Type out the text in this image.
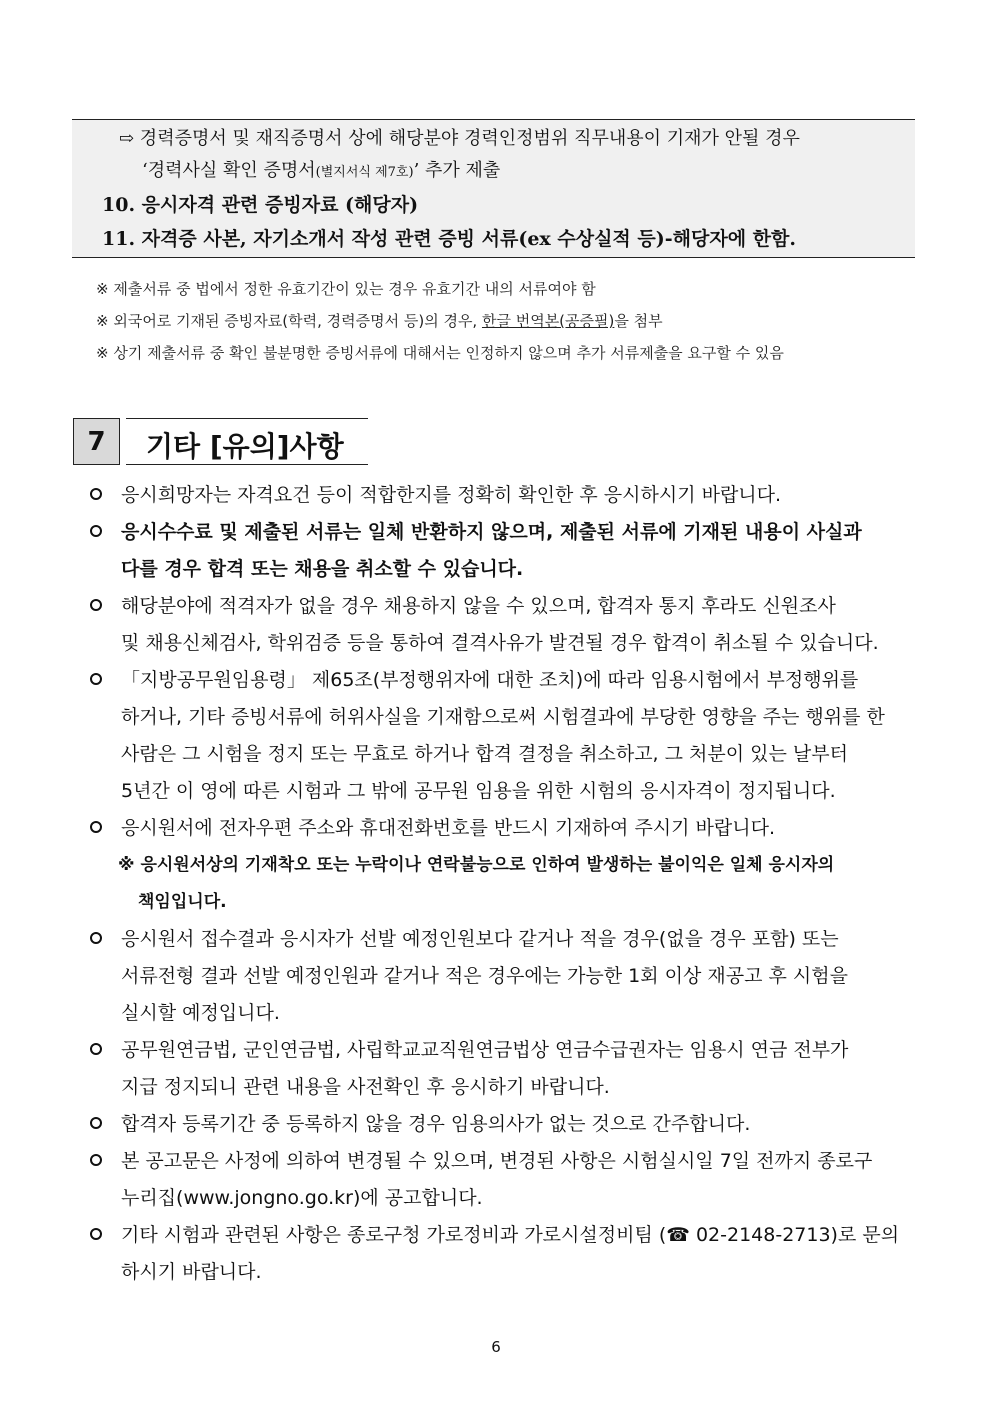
⇨ 경력증명서 및 재직증명서 상에 해당분야 경력인정범위 직무내용이 기재가 안될 경우
‘경력사실 확인 증명서(별지서식 제7호)’ 추가 제출
10. 응시자격 관련 증빙자료 (해당자)
11. 자격증 사본, 자기소개서 작성 관련 증빙 서류(ex 수상실적 등)-해당자에 한함.
※ 제출서류 중 법에서 정한 유효기간이 있는 경우 유효기간 내의 서류여야 함
※ 외국어로 기재된 증빙자료(학력, 경력증명서 등)의 경우, 한글 번역본(공증필)을 첨부
※ 상기 제출서류 중 확인 불분명한 증빙서류에 대해서는 인정하지 않으며 추가 서류제출을 요구할 수 있음
7	기타 [유의]사항
응시희망자는 자격요건 등이 적합한지를 정확히 확인한 후 응시하시기 바랍니다.
응시수수료 및 제출된 서류는 일체 반환하지 않으며, 제출된 서류에 기재된 내용이 사실과
다를 경우 합격 또는 채용을 취소할 수 있습니다.
해당분야에 적격자가 없을 경우 채용하지 않을 수 있으며, 합격자 통지 후라도 신원조사
및 채용신체검사, 학위검증 등을 통하여 결격사유가 발견될 경우 합격이 취소될 수 있습니다.
「지방공무원임용령」 제65조(부정행위자에 대한 조치)에 따라 임용시험에서 부정행위를
하거나, 기타 증빙서류에 허위사실을 기재함으로써 시험결과에 부당한 영향을 주는 행위를 한
사람은 그 시험을 정지 또는 무효로 하거나 합격 결정을 취소하고, 그 처분이 있는 날부터
5년간 이 영에 따른 시험과 그 밖에 공무원 임용을 위한 시험의 응시자격이 정지됩니다.
응시원서에 전자우편 주소와 휴대전화번호를 반드시 기재하여 주시기 바랍니다.
※ 응시원서상의 기재착오 또는 누락이나 연락불능으로 인하여 발생하는 불이익은 일체 응시자의
책임입니다.
응시원서 접수결과 응시자가 선발 예정인원보다 같거나 적을 경우(없을 경우 포함) 또는
서류전형 결과 선발 예정인원과 같거나 적은 경우에는 가능한 1회 이상 재공고 후 시험을
실시할 예정입니다.
공무원연금법, 군인연금법, 사립학교교직원연금법상 연금수급권자는 임용시 연금 전부가
지급 정지되니 관련 내용을 사전확인 후 응시하기 바랍니다.
합격자 등록기간 중 등록하지 않을 경우 임용의사가 없는 것으로 간주합니다.
본 공고문은 사정에 의하여 변경될 수 있으며, 변경된 사항은 시험실시일 7일 전까지 종로구
누리집(www.jongno.go.kr)에 공고합니다.
기타 시험과 관련된 사항은 종로구청 가로정비과 가로시설정비팀 (☎ 02-2148-2713)로 문의
하시기 바랍니다.
6
